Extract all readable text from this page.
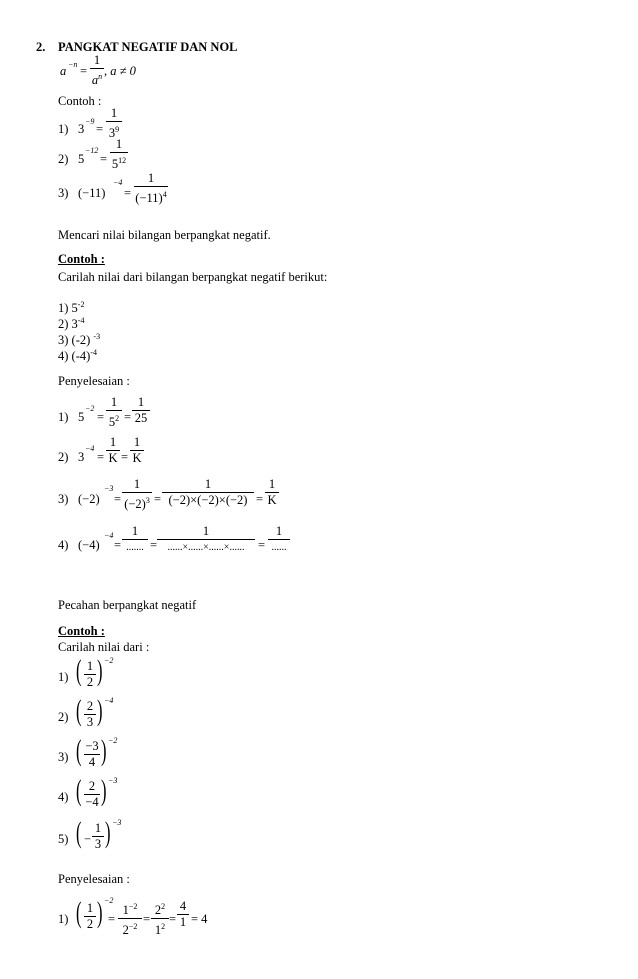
2. PANGKAT NEGATIF DAN NOL
a −n =
1
$a^n$ , a ≠ 0
Contoh :
1) 3
−9
=
1
$3^9$
2) 5
−12
=
1
$5^{12}$
3) (−11)
−4
=
1
$(-11)^4$
Mencari nilai bilangan berpangkat negatif.
Contoh :
Carilah nilai dari bilangan berpangkat negatif berikut:
1) $5^{-2}$
2) $3^{-4}$
3) (-2) $^{-3}$
4) $(-4)^{-4}$
Penyelesaian :
1) 5
−2
=
1
$5^2$ =
1
25
2) 3
−4
=
1
K =
1
K
3) (−2)
−3
=
1
$(-2)^3$ =
1
(−2)×(−2)×(−2) =
1
K
4) (−4)
−4
=
1
....... =
1
......×......×......×......	=
1
......
Pecahan berpangkat negatif
Contoh :
Carilah nilai dari :
1) ( 1
2 ) −2
2) ( 2
3 ) −4
3) ( −3
4 ) −2
4) ( 2
−4 ) −3
5) ( −
1
3 ) −3
Penyelesaian :
1) ( 1
2 ) −2
=
$1^{-2}$
$2^{-2}$
=
$2^2$
$1^2$
=
4
1 = 4
